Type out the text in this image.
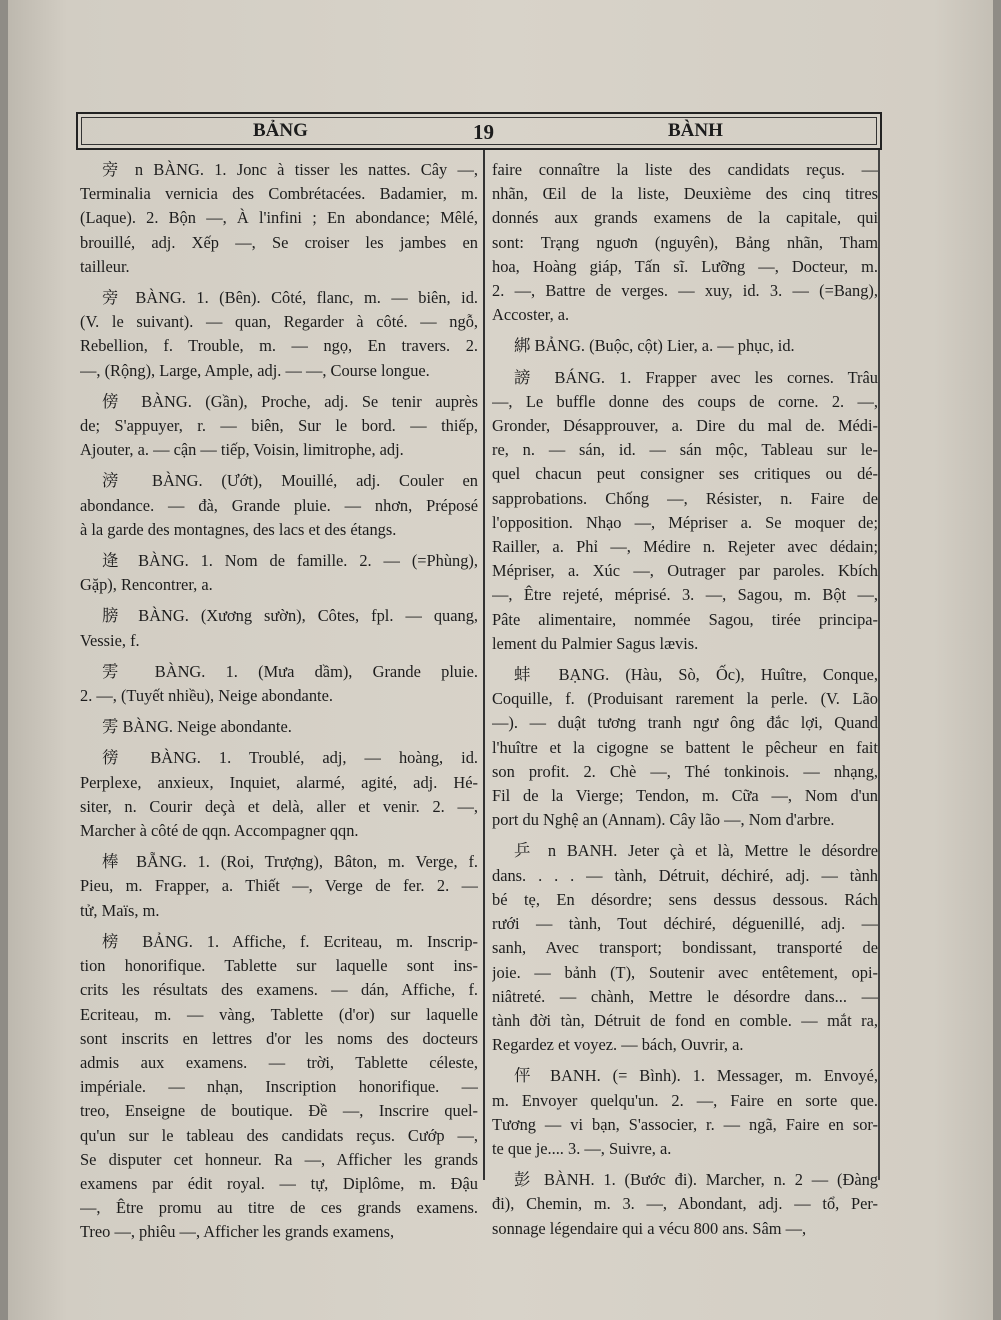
BẢNG	19	BÀNH
旁 n BÀNG. 1. Jonc à tisser les nattes. Cây —,
Terminalia vernicia des Combrétacées. Badamier, m.
(Laque). 2. Bộn —, À l'infini ; En abondance; Mêlé,
brouillé, adj. Xếp —, Se croiser les jambes en
tailleur.
旁 BÀNG. 1. (Bên). Côté, flanc, m. — biên, id.
(V. le suivant). — quan, Regarder à côté. — ngỗ,
Rebellion, f. Trouble, m. — ngọ, En travers. 2.
—, (Rộng), Large, Ample, adj. — —, Course longue.
傍 BÀNG. (Gần), Proche, adj. Se tenir auprès
de; S'appuyer, r. — biên, Sur le bord. — thiếp,
Ajouter, a. — cận — tiếp, Voisin, limitrophe, adj.
滂 BÀNG. (Ướt), Mouillé, adj. Couler en
abondance. — đà, Grande pluie. — nhơn, Préposé
à la garde des montagnes, des lacs et des étangs.
逄 BÀNG. 1. Nom de famille. 2. — (=Phùng),
Gặp), Rencontrer, a.
膀 BÀNG. (Xương sườn), Côtes, fpl. — quang,
Vessie, f.
雱 BÀNG. 1. (Mưa dầm), Grande pluie.
2. —, (Tuyết nhiều), Neige abondante.
雱 BÀNG. Neige abondante.
徬 BÀNG. 1. Troublé, adj, — hoàng, id.
Perplexe, anxieux, Inquiet, alarmé, agité, adj. Hé-
siter, n. Courir deçà et delà, aller et venir. 2. —,
Marcher à côté de qqn. Accompagner qqn.
棒 BẴNG. 1. (Roi, Trượng), Bâton, m. Verge, f.
Pieu, m. Frapper, a. Thiết —, Verge de fer. 2. —
tử, Maïs, m.
榜 BẢNG. 1. Affiche, f. Ecriteau, m. Inscrip-
tion honorifique. Tablette sur laquelle sont ins-
crits les résultats des examens. — dán, Affiche, f.
Ecriteau, m. — vàng, Tablette (d'or) sur laquelle
sont inscrits en lettres d'or les noms des docteurs
admis aux examens. — trời, Tablette céleste,
impériale. — nhạn, Inscription honorifique. —
treo, Enseigne de boutique. Đề —, Inscrire quel-
qu'un sur le tableau des candidats reçus. Cướp —,
Se disputer cet honneur. Ra —, Afficher les grands
examens par édit royal. — tự, Diplôme, m. Đậu
—, Être promu au titre de ces grands examens.
Treo —, phiêu —, Afficher les grands examens,
faire connaître la liste des candidats reçus. —
nhãn, Œil de la liste, Deuxième des cinq titres
donnés aux grands examens de la capitale, qui
sont: Trạng nguơn (nguyên), Bảng nhãn, Tham
hoa, Hoàng giáp, Tấn sĩ. Lưỡng —, Docteur, m.
2. —, Battre de verges. — xuy, id. 3. — (=Bang),
Accoster, a.
綁 BẢNG. (Buộc, cột) Lier, a. — phục, id.
謗 BÁNG. 1. Frapper avec les cornes. Trâu
—, Le buffle donne des coups de corne. 2. —,
Gronder, Désapprouver, a. Dire du mal de. Médi-
re, n. — sán, id. — sán mộc, Tableau sur le-
quel chacun peut consigner ses critiques ou dé-
sapprobations. Chống —, Résister, n. Faire de
l'opposition. Nhạo —, Mépriser a. Se moquer de;
Railler, a. Phỉ —, Médire n. Rejeter avec dédain;
Mépriser, a. Xúc —, Outrager par paroles. Kbích
—, Être rejeté, méprisé. 3. —, Sagou, m. Bột —,
Pâte alimentaire, nommée Sagou, tirée principa-
lement du Palmier Sagus lævis.
蚌 BẠNG. (Hàu, Sò, Ốc), Huître, Conque,
Coquille, f. (Produisant rarement la perle. (V. Lão
—). — duật tương tranh ngư ông đắc lợi, Quand
l'huître et la cigogne se battent le pêcheur en fait
son profit. 2. Chè —, Thé tonkinois. — nhạng,
Fil de la Vierge; Tendon, m. Cữa —, Nom d'un
port du Nghệ an (Annam). Cây lão —, Nom d'arbre.
乒 n BANH. Jeter çà et là, Mettre le désordre
dans. . . . — tành, Détruit, déchiré, adj. — tành
bé tẹ, En désordre; sens dessus dessous. Rách
rưới — tành, Tout déchiré, déguenillé, adj. —
sanh, Avec transport; bondissant, transporté de
joie. — bảnh (T), Soutenir avec entêtement, opi-
niâtreté. — chành, Mettre le désordre dans... —
tành đời tàn, Détruit de fond en comble. — mắt ra,
Regardez et voyez. — bách, Ouvrir, a.
伻 BANH. (= Bình). 1. Messager, m. Envoyé,
m. Envoyer quelqu'un. 2. —, Faire en sorte que.
Tương — vi bạn, S'associer, r. — ngã, Faire en sor-
te que je.... 3. —, Suivre, a.
彭 BÀNH. 1. (Bước đi). Marcher, n. 2 — (Đàng
đi), Chemin, m. 3. —, Abondant, adj. — tổ, Per-
sonnage légendaire qui a vécu 800 ans. Sâm —,
